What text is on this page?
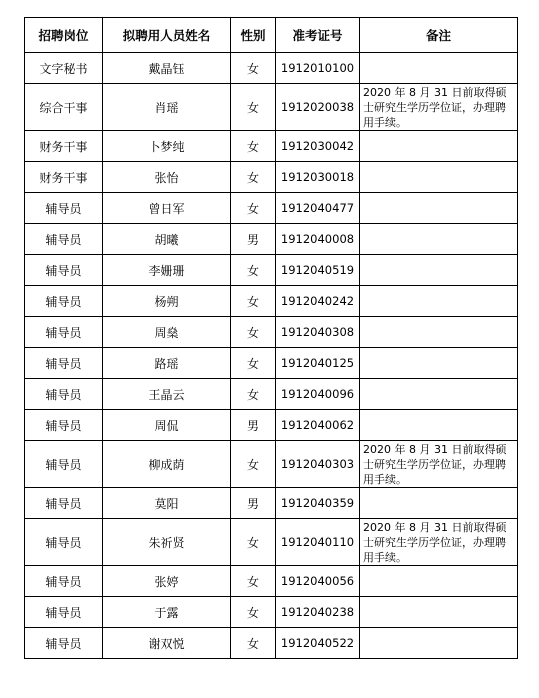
招聘岗位	拟聘用人员姓名	性别	准考证号	备注
文字秘书	戴晶钰	女	1912010100	
综合干事	肖瑶	女	1912020038	2020 年 8 月 31 日前取得硕士研究生学历学位证，办理聘用手续。
财务干事	卜梦纯	女	1912030042	
财务干事	张怡	女	1912030018	
辅导员	曾日军	女	1912040477	
辅导员	胡曦	男	1912040008	
辅导员	李姗珊	女	1912040519	
辅导员	杨朔	女	1912040242	
辅导员	周燊	女	1912040308	
辅导员	路瑶	女	1912040125	
辅导员	王晶云	女	1912040096	
辅导员	周侃	男	1912040062	
辅导员	柳成荫	女	1912040303	2020 年 8 月 31 日前取得硕士研究生学历学位证，办理聘用手续。
辅导员	莫阳	男	1912040359	
辅导员	朱祈贤	女	1912040110	2020 年 8 月 31 日前取得硕士研究生学历学位证，办理聘用手续。
辅导员	张婷	女	1912040056	
辅导员	于露	女	1912040238	
辅导员	谢双悦	女	1912040522	
